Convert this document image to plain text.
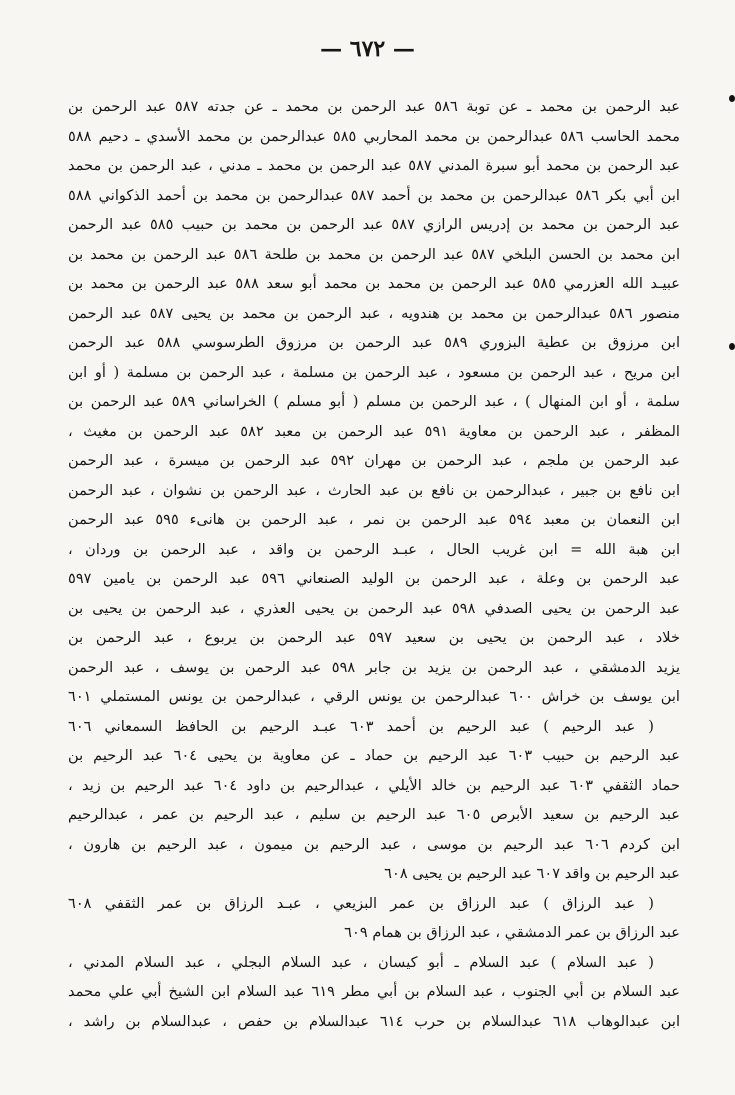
— ٦٧٢ —
عبد الرحمن بن محمد ـ عن توبة ٥٨٦ عبد الرحمن بن محمد ـ عن جدته ٥٨٧ عبد الرحمن بن
محمد الحاسب ٥٨٦ عبدالرحمن بن محمد المحاربي ٥٨٥ عبدالرحمن بن محمد الأسدي ـ دحيم ٥٨٨
عبد الرحمن بن محمد أبو سبرة المدني ٥٨٧ عبد الرحمن بن محمد ـ مدني ، عبد الرحمن بن محمد
ابن أبي بكر ٥٨٦ عبدالرحمن بن محمد بن أحمد ٥٨٧ عبدالرحمن بن محمد بن أحمد الذكواني ٥٨٨
عبد الرحمن بن محمد بن إدريس الرازي ٥٨٧ عبد الرحمن بن محمد بن حبيب ٥٨٥ عبد الرحمن
ابن محمد بن الحسن البلخي ٥٨٧ عبد الرحمن بن محمد بن طلحة ٥٨٦ عبد الرحمن بن محمد بن
عبيـد الله العزرمي ٥٨٥ عبد الرحمن بن محمد بن محمد أبو سعد ٥٨٨ عبد الرحمن بن محمد بن
منصور ٥٨٦ عبدالرحمن بن محمد بن هندويه ، عبد الرحمن بن محمد بن يحيى ٥٨٧ عبد الرحمن
ابن مرزوق بن عطية البزوري ٥٨٩ عبد الرحمن بن مرزوق الطرسوسي ٥٨٨ عبد الرحمن
ابن مريح ، عبد الرحمن بن مسعود ، عبد الرحمن بن مسلمة ، عبد الرحمن بن مسلمة ( أو ابن
سلمة ، أو ابن المنهال ) ، عبد الرحمن بن مسلم ( أبو مسلم ) الخراساني ٥٨٩ عبد الرحمن بن
المظفر ، عبد الرحمن بن معاوية ٥٩١ عبد الرحمن بن معبد ٥٨٢ عبد الرحمن بن مغيث ،
عبد الرحمن بن ملجم ، عبد الرحمن بن مهران ٥٩٢ عبد الرحمن بن ميسرة ، عبد الرحمن
ابن نافع بن جبير ، عبدالرحمن بن نافع بن عبد الحارث ، عبد الرحمن بن نشوان ، عبد الرحمن
ابن النعمان بن معبد ٥٩٤ عبد الرحمن بن نمر ، عبد الرحمن بن هانىء ٥٩٥ عبد الرحمن
ابن هبة الله = ابن غريب الحال ، عبـد الرحمن بن واقد ، عبد الرحمن بن وردان ،
عبد الرحمن بن وعلة ، عبد الرحمن بن الوليد الصنعاني ٥٩٦ عبد الرحمن بن يامين ٥٩٧
عبد الرحمن بن يحيى الصدفي ٥٩٨ عبد الرحمن بن يحيى العذري ، عبد الرحمن بن يحيى بن
خلاد ، عبد الرحمن بن يحيى بن سعيد ٥٩٧ عبد الرحمن بن يربوع ، عبد الرحمن بن
يزيد الدمشقي ، عبد الرحمن بن يزيد بن جابر ٥٩٨ عبد الرحمن بن يوسف ، عبد الرحمن
ابن يوسف بن خراش ٦٠٠ عبدالرحمن بن يونس الرقي ، عبدالرحمن بن يونس المستملي ٦٠١
( عبد الرحيم ) عبد الرحيم بن أحمد ٦٠٣ عبـد الرحيم بن الحافظ السمعاني ٦٠٦
عبد الرحيم بن حبيب ٦٠٣ عبد الرحيم بن حماد ـ عن معاوية بن يحيى ٦٠٤ عبد الرحيم بن
حماد الثقفي ٦٠٣ عبد الرحيم بن خالد الأيلي ، عبدالرحيم بن داود ٦٠٤ عبد الرحيم بن زيد ،
عبد الرحيم بن سعيد الأبرص ٦٠٥ عبد الرحيم بن سليم ، عبد الرحيم بن عمر ، عبدالرحيم
ابن كردم ٦٠٦ عبد الرحيم بن موسى ، عبد الرحيم بن ميمون ، عبد الرحيم بن هارون ،
عبد الرحيم بن واقد ٦٠٧ عبد الرحيم بن يحيى ٦٠٨
( عبد الرزاق ) عبد الرزاق بن عمر البزيعي ، عبـد الرزاق بن عمر الثقفي ٦٠٨
عبد الرزاق بن عمر الدمشقي ، عبد الرزاق بن همام ٦٠٩
( عبد السلام ) عبد السلام ـ أبو كيسان ، عبد السلام البجلي ، عبد السلام المدني ،
عبد السلام بن أبي الجنوب ، عبد السلام بن أبي مطر ٦١٩ عبد السلام ابن الشيخ أبي علي محمد
ابن عبدالوهاب ٦١٨ عبدالسلام بن حرب ٦١٤ عبدالسلام بن حفص ، عبدالسلام بن راشد ،
